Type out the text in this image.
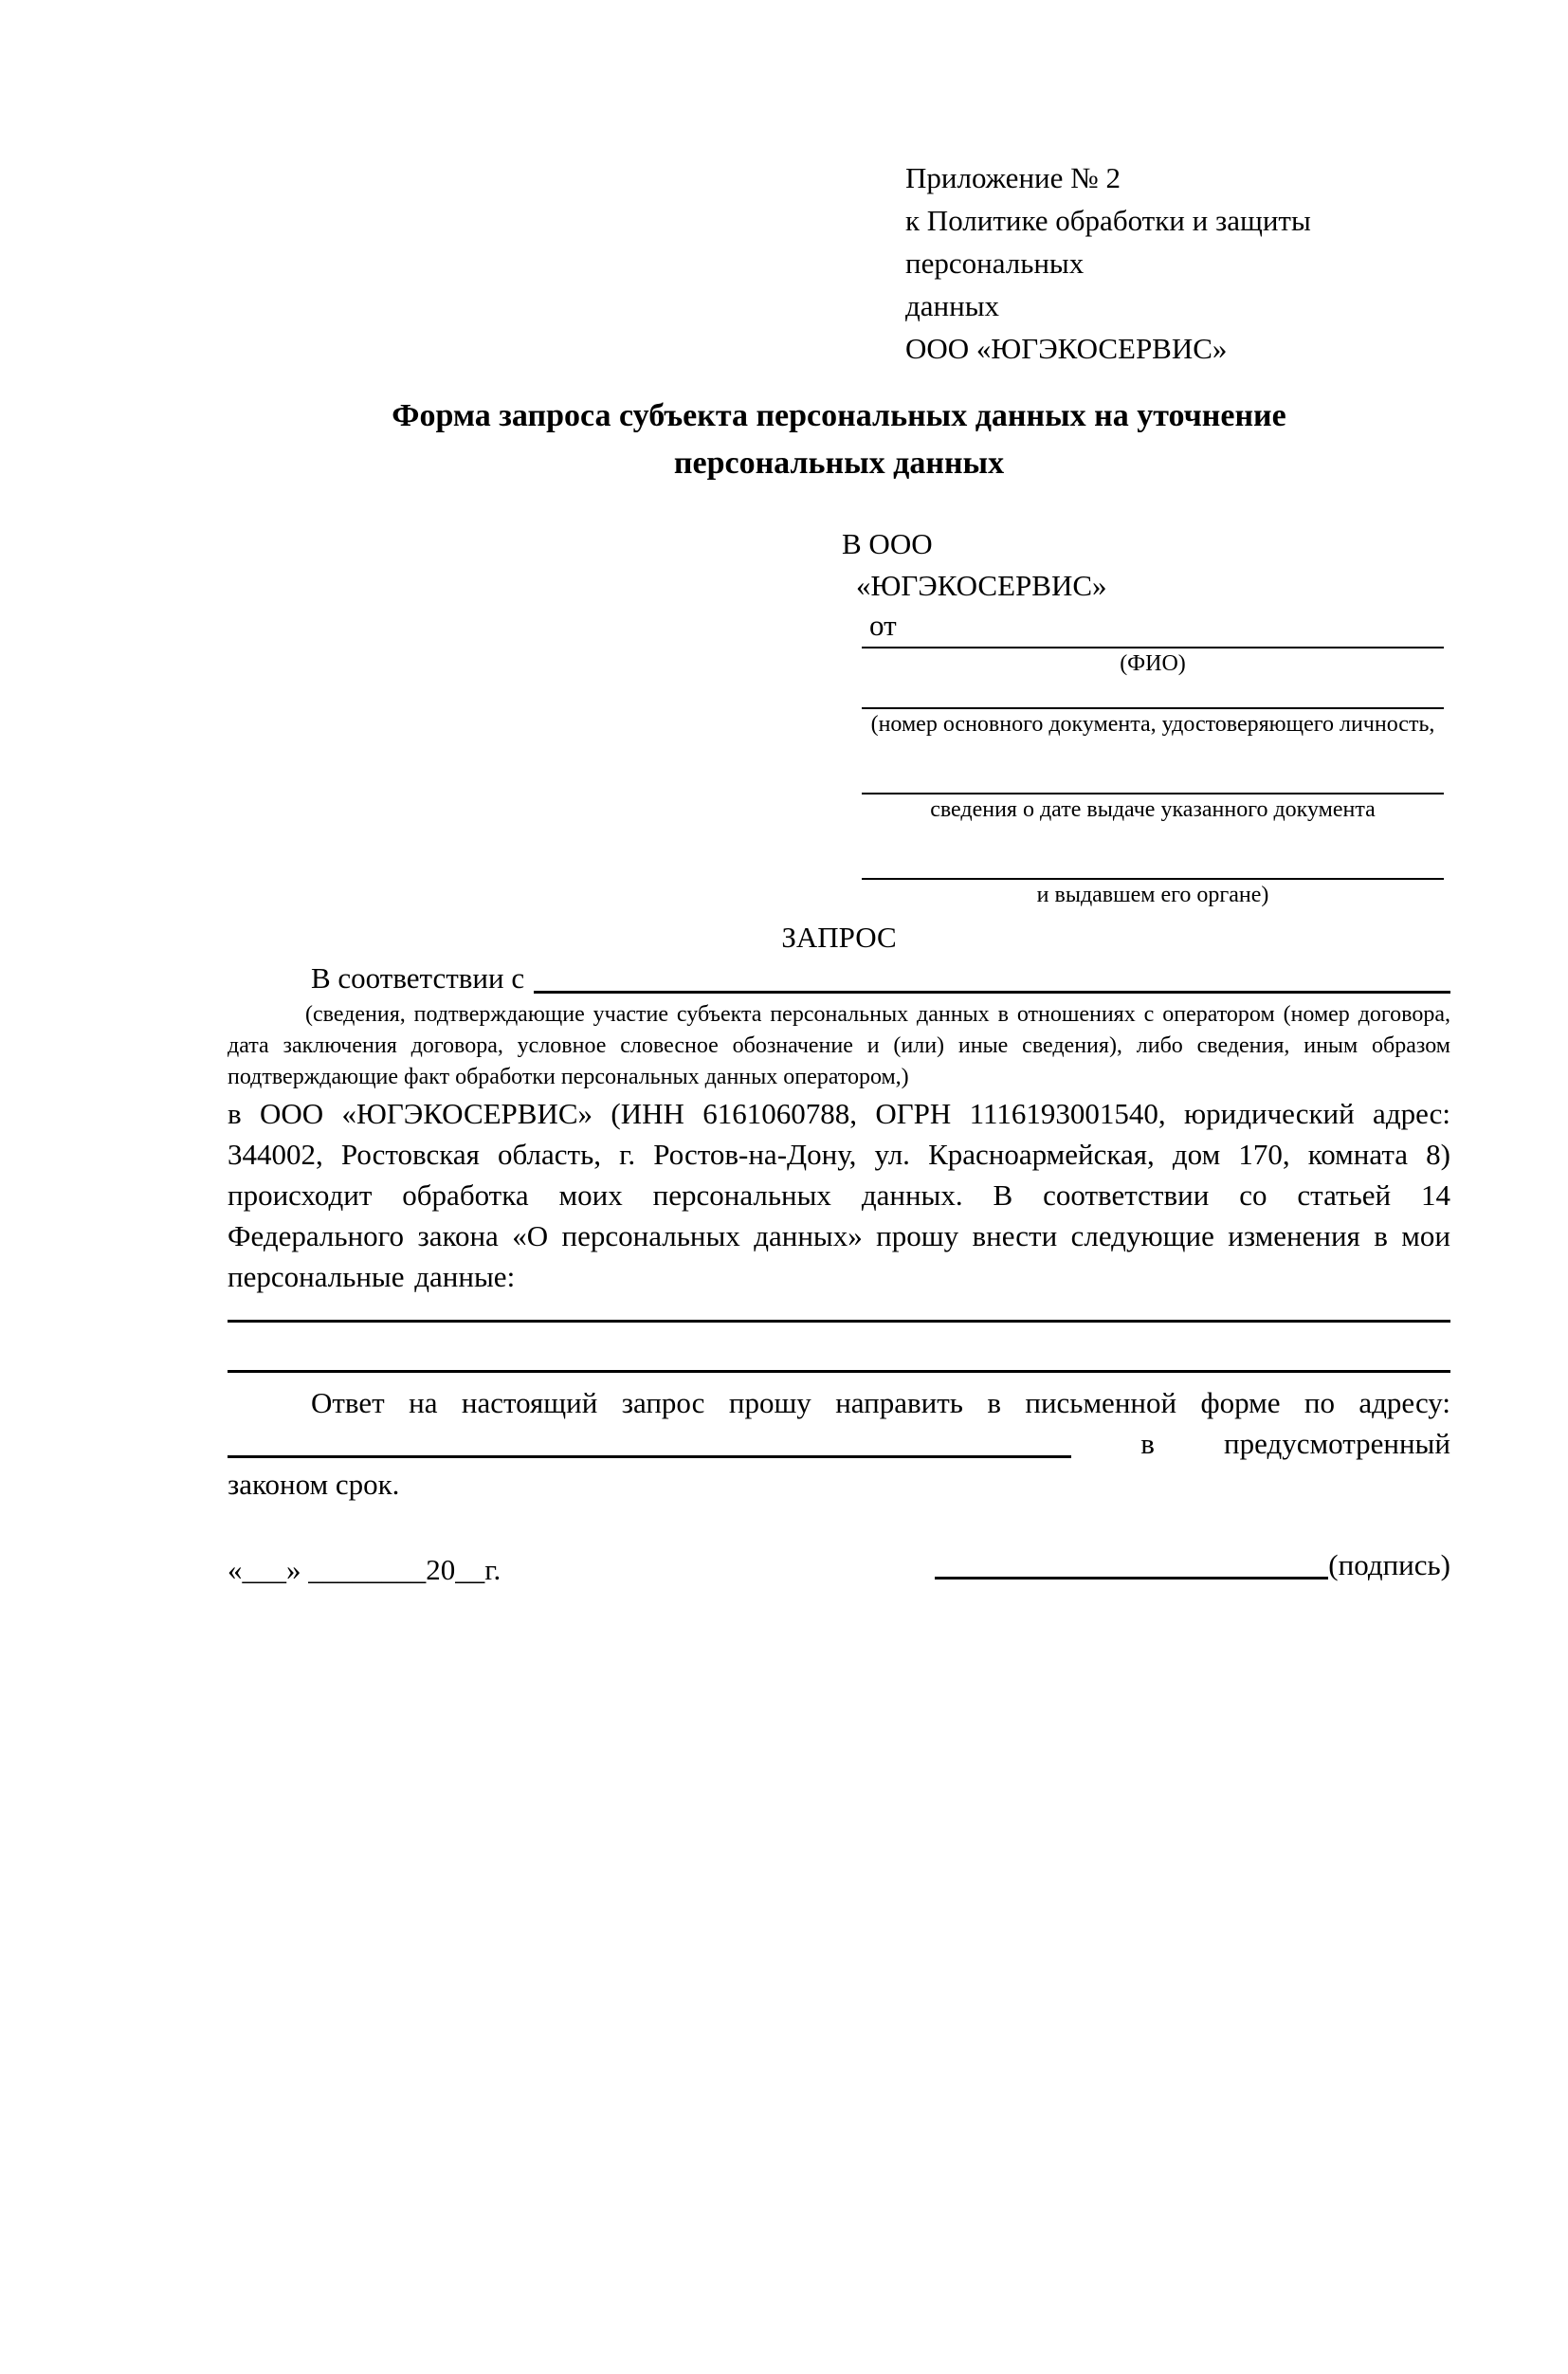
Приложение № 2
к Политике обработки и защиты персональных
данных
ООО «ЮГЭКОСЕРВИС»
Форма запроса субъекта персональных данных на уточнение персональных данных
В ООО
«ЮГЭКОСЕРВИС»
от
(ФИО)
(номер основного документа, удостоверяющего личность,
сведения о дате выдаче указанного документа
и выдавшем его органе)
ЗАПРОС
В соответствии с
(сведения, подтверждающие участие субъекта персональных данных в отношениях с оператором (номер договора, дата заключения договора, условное словесное обозначение и (или) иные сведения), либо сведения, иным образом подтверждающие факт обработки персональных данных оператором,)
в ООО «ЮГЭКОСЕРВИС» (ИНН 6161060788, ОГРН 1116193001540, юридический адрес: 344002, Ростовская область, г. Ростов-на-Дону, ул. Красноармейская, дом 170, комната 8) происходит обработка моих персональных данных. В соответствии со статьей 14 Федерального закона «О персональных данных» прошу внести следующие изменения в мои персональные данные:
Ответ на настоящий запрос прошу направить в письменной форме по адресу:
в предусмотренный
законом срок.
«___» ________20__г.	(подпись)
